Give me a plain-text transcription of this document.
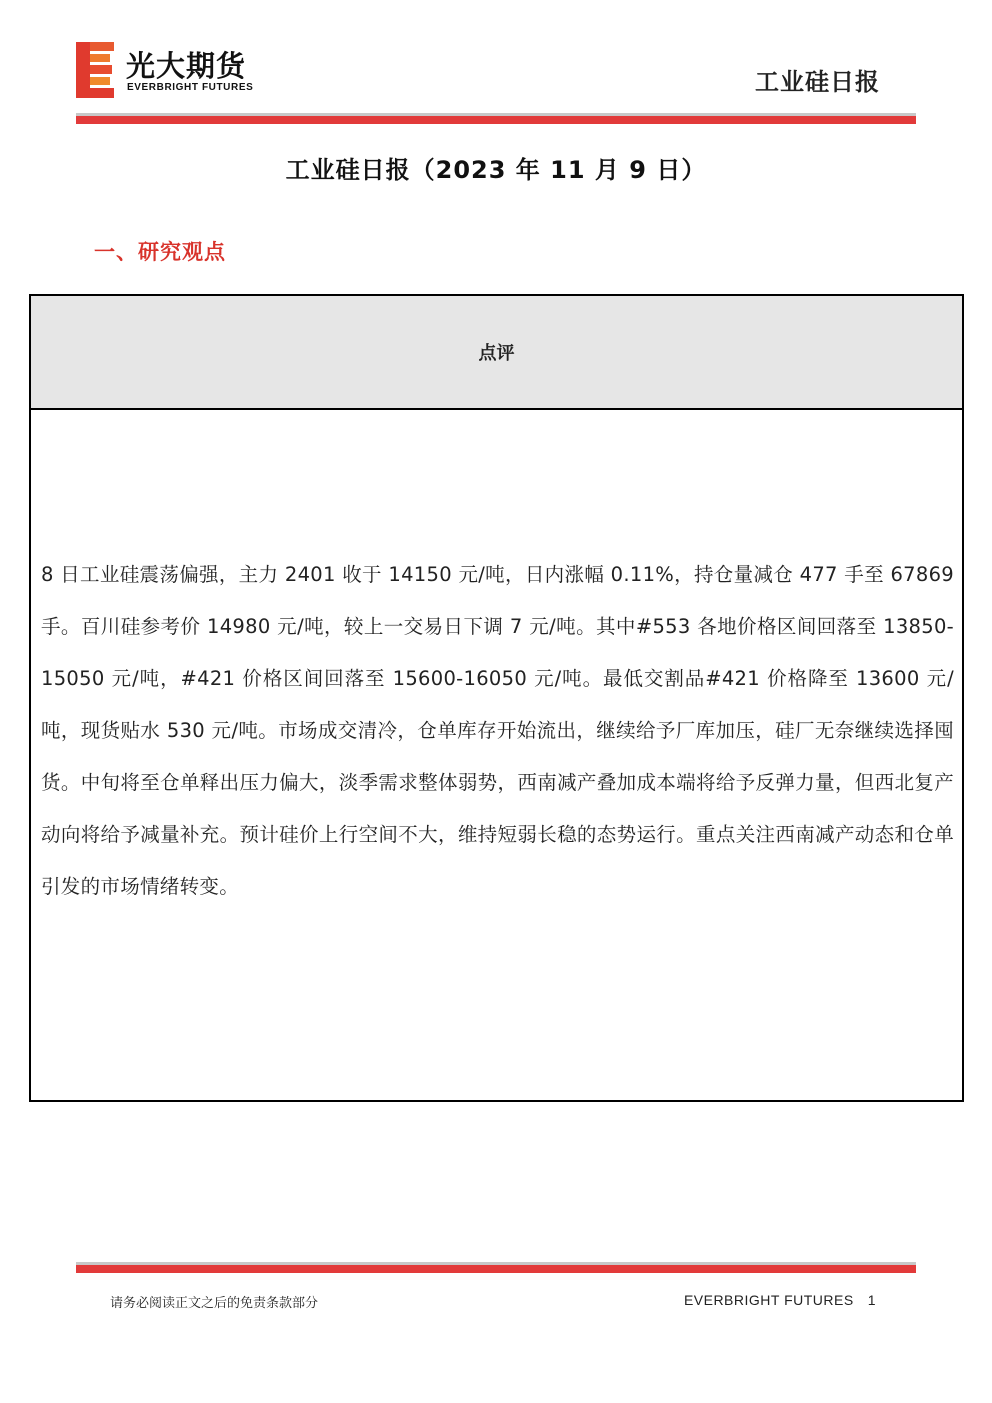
光大期货
EVERBRIGHT FUTURES	工业硅日报
工业硅日报（2023 年 11 月 9 日）
一、研究观点
点评
8 日工业硅震荡偏强，主力 2401 收于 14150 元/吨，日内涨幅 0.11%，持仓量减仓 477 手至 67869 手。百川硅参考价 14980 元/吨，较上一交易日下调 7 元/吨。其中#553 各地价格区间回落至 13850-15050 元/吨，#421 价格区间回落至 15600-16050 元/吨。最低交割品#421 价格降至 13600 元/吨，现货贴水 530 元/吨。市场成交清冷，仓单库存开始流出，继续给予厂库加压，硅厂无奈继续选择囤货。中旬将至仓单释出压力偏大，淡季需求整体弱势，西南减产叠加成本端将给予反弹力量，但西北复产动向将给予减量补充。预计硅价上行空间不大，维持短弱长稳的态势运行。重点关注西南减产动态和仓单引发的市场情绪转变。
请务必阅读正文之后的免责条款部分	EVERBRIGHT FUTURES 1
